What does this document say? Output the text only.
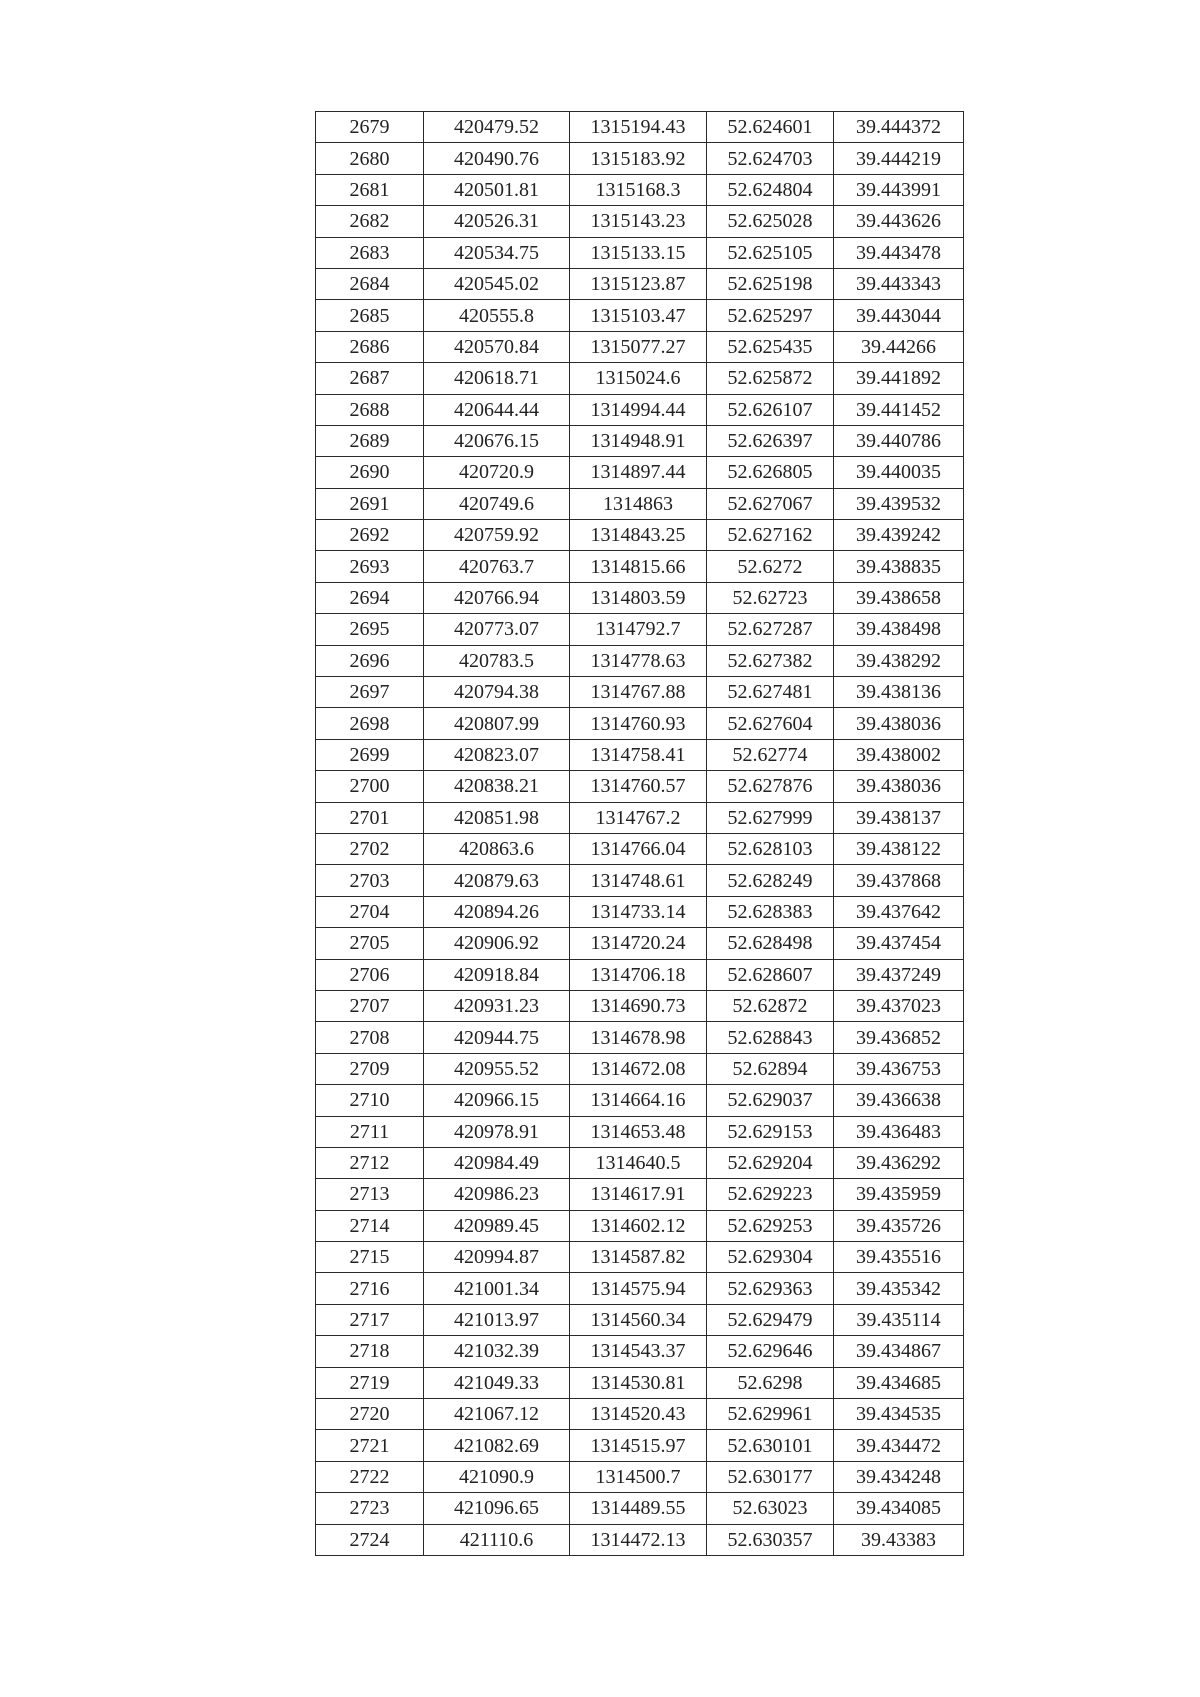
2679	420479.52	1315194.43	52.624601	39.444372
2680	420490.76	1315183.92	52.624703	39.444219
2681	420501.81	1315168.3	52.624804	39.443991
2682	420526.31	1315143.23	52.625028	39.443626
2683	420534.75	1315133.15	52.625105	39.443478
2684	420545.02	1315123.87	52.625198	39.443343
2685	420555.8	1315103.47	52.625297	39.443044
2686	420570.84	1315077.27	52.625435	39.44266
2687	420618.71	1315024.6	52.625872	39.441892
2688	420644.44	1314994.44	52.626107	39.441452
2689	420676.15	1314948.91	52.626397	39.440786
2690	420720.9	1314897.44	52.626805	39.440035
2691	420749.6	1314863	52.627067	39.439532
2692	420759.92	1314843.25	52.627162	39.439242
2693	420763.7	1314815.66	52.6272	39.438835
2694	420766.94	1314803.59	52.62723	39.438658
2695	420773.07	1314792.7	52.627287	39.438498
2696	420783.5	1314778.63	52.627382	39.438292
2697	420794.38	1314767.88	52.627481	39.438136
2698	420807.99	1314760.93	52.627604	39.438036
2699	420823.07	1314758.41	52.62774	39.438002
2700	420838.21	1314760.57	52.627876	39.438036
2701	420851.98	1314767.2	52.627999	39.438137
2702	420863.6	1314766.04	52.628103	39.438122
2703	420879.63	1314748.61	52.628249	39.437868
2704	420894.26	1314733.14	52.628383	39.437642
2705	420906.92	1314720.24	52.628498	39.437454
2706	420918.84	1314706.18	52.628607	39.437249
2707	420931.23	1314690.73	52.62872	39.437023
2708	420944.75	1314678.98	52.628843	39.436852
2709	420955.52	1314672.08	52.62894	39.436753
2710	420966.15	1314664.16	52.629037	39.436638
2711	420978.91	1314653.48	52.629153	39.436483
2712	420984.49	1314640.5	52.629204	39.436292
2713	420986.23	1314617.91	52.629223	39.435959
2714	420989.45	1314602.12	52.629253	39.435726
2715	420994.87	1314587.82	52.629304	39.435516
2716	421001.34	1314575.94	52.629363	39.435342
2717	421013.97	1314560.34	52.629479	39.435114
2718	421032.39	1314543.37	52.629646	39.434867
2719	421049.33	1314530.81	52.6298	39.434685
2720	421067.12	1314520.43	52.629961	39.434535
2721	421082.69	1314515.97	52.630101	39.434472
2722	421090.9	1314500.7	52.630177	39.434248
2723	421096.65	1314489.55	52.63023	39.434085
2724	421110.6	1314472.13	52.630357	39.43383
